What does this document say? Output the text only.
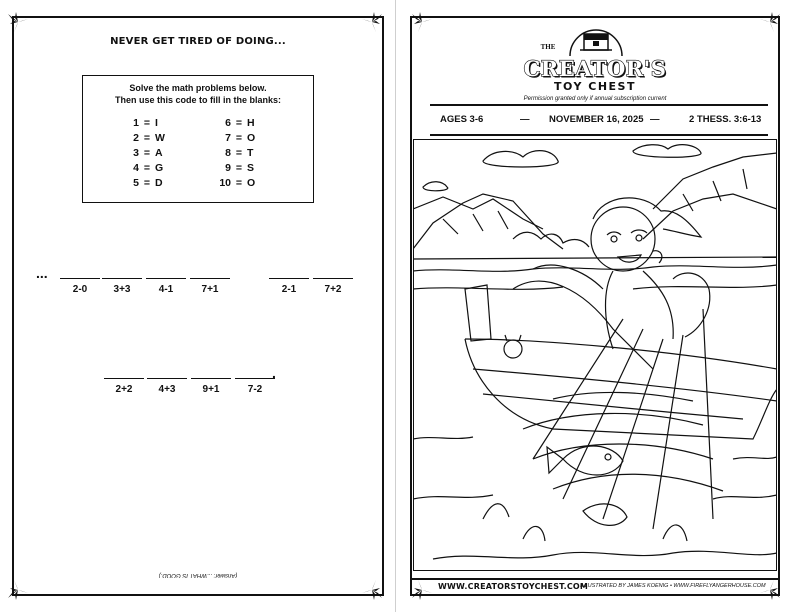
NEVER GET TIRED OF DOING...
Solve the math problems below.
Then use this code to fill in the blanks:
1 = I
2 = W
3 = A
4 = G
5 = D
6 = H
7 = O
8 = T
9 = S
10 = O
...
2-0	3+3	4-1	7+1	2-1	7+2
2+2	4+3	9+1	7-2
.
(Answer: ...WHAT IS GOOD.)
THE
CREATOR'S
TOY CHEST
Permission granted only if annual subscription current
AGES 3-6	— NOVEMBER 16, 2025 —	2 THESS. 3:6-13
WWW.CREATORSTOYCHEST.COM
ILLUSTRATED BY JAMES KOENIG • WWW.FIREFLYANGERHOUSE.COM
